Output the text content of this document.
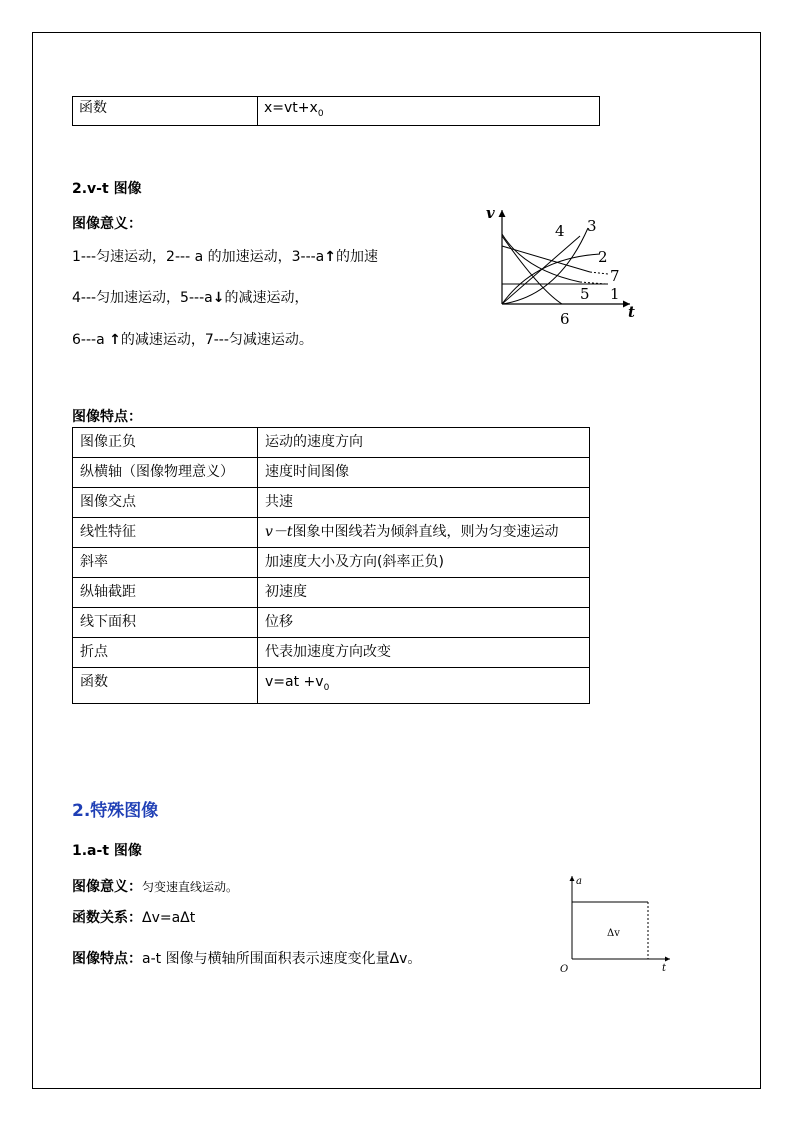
函数	$x=vt+x_0$
2.v-t 图像
图像意义：
1---匀速运动，2--- a 的加速运动，3---a↑的加速
4---匀加速运动，5---a↓的减速运动，
6---a ↑的减速运动，7---匀减速运动。
v
t
1
2
3
4
5
6
7
图像特点：
图像正负	运动的速度方向
纵横轴（图像物理意义）	速度时间图像
图像交点	共速
线性特征	v－t图象中图线若为倾斜直线，则为匀变速运动
斜率	加速度大小及方向(斜率正负)
纵轴截距	初速度
线下面积	位移
折点	代表加速度方向改变
函数	$v=at +v_0$
2.特殊图像
1.a-t 图像
图像意义：匀变速直线运动。
函数关系：Δv=aΔt
图像特点：a-t 图像与横轴所围面积表示速度变化量Δv。
a
O	t
Δv
